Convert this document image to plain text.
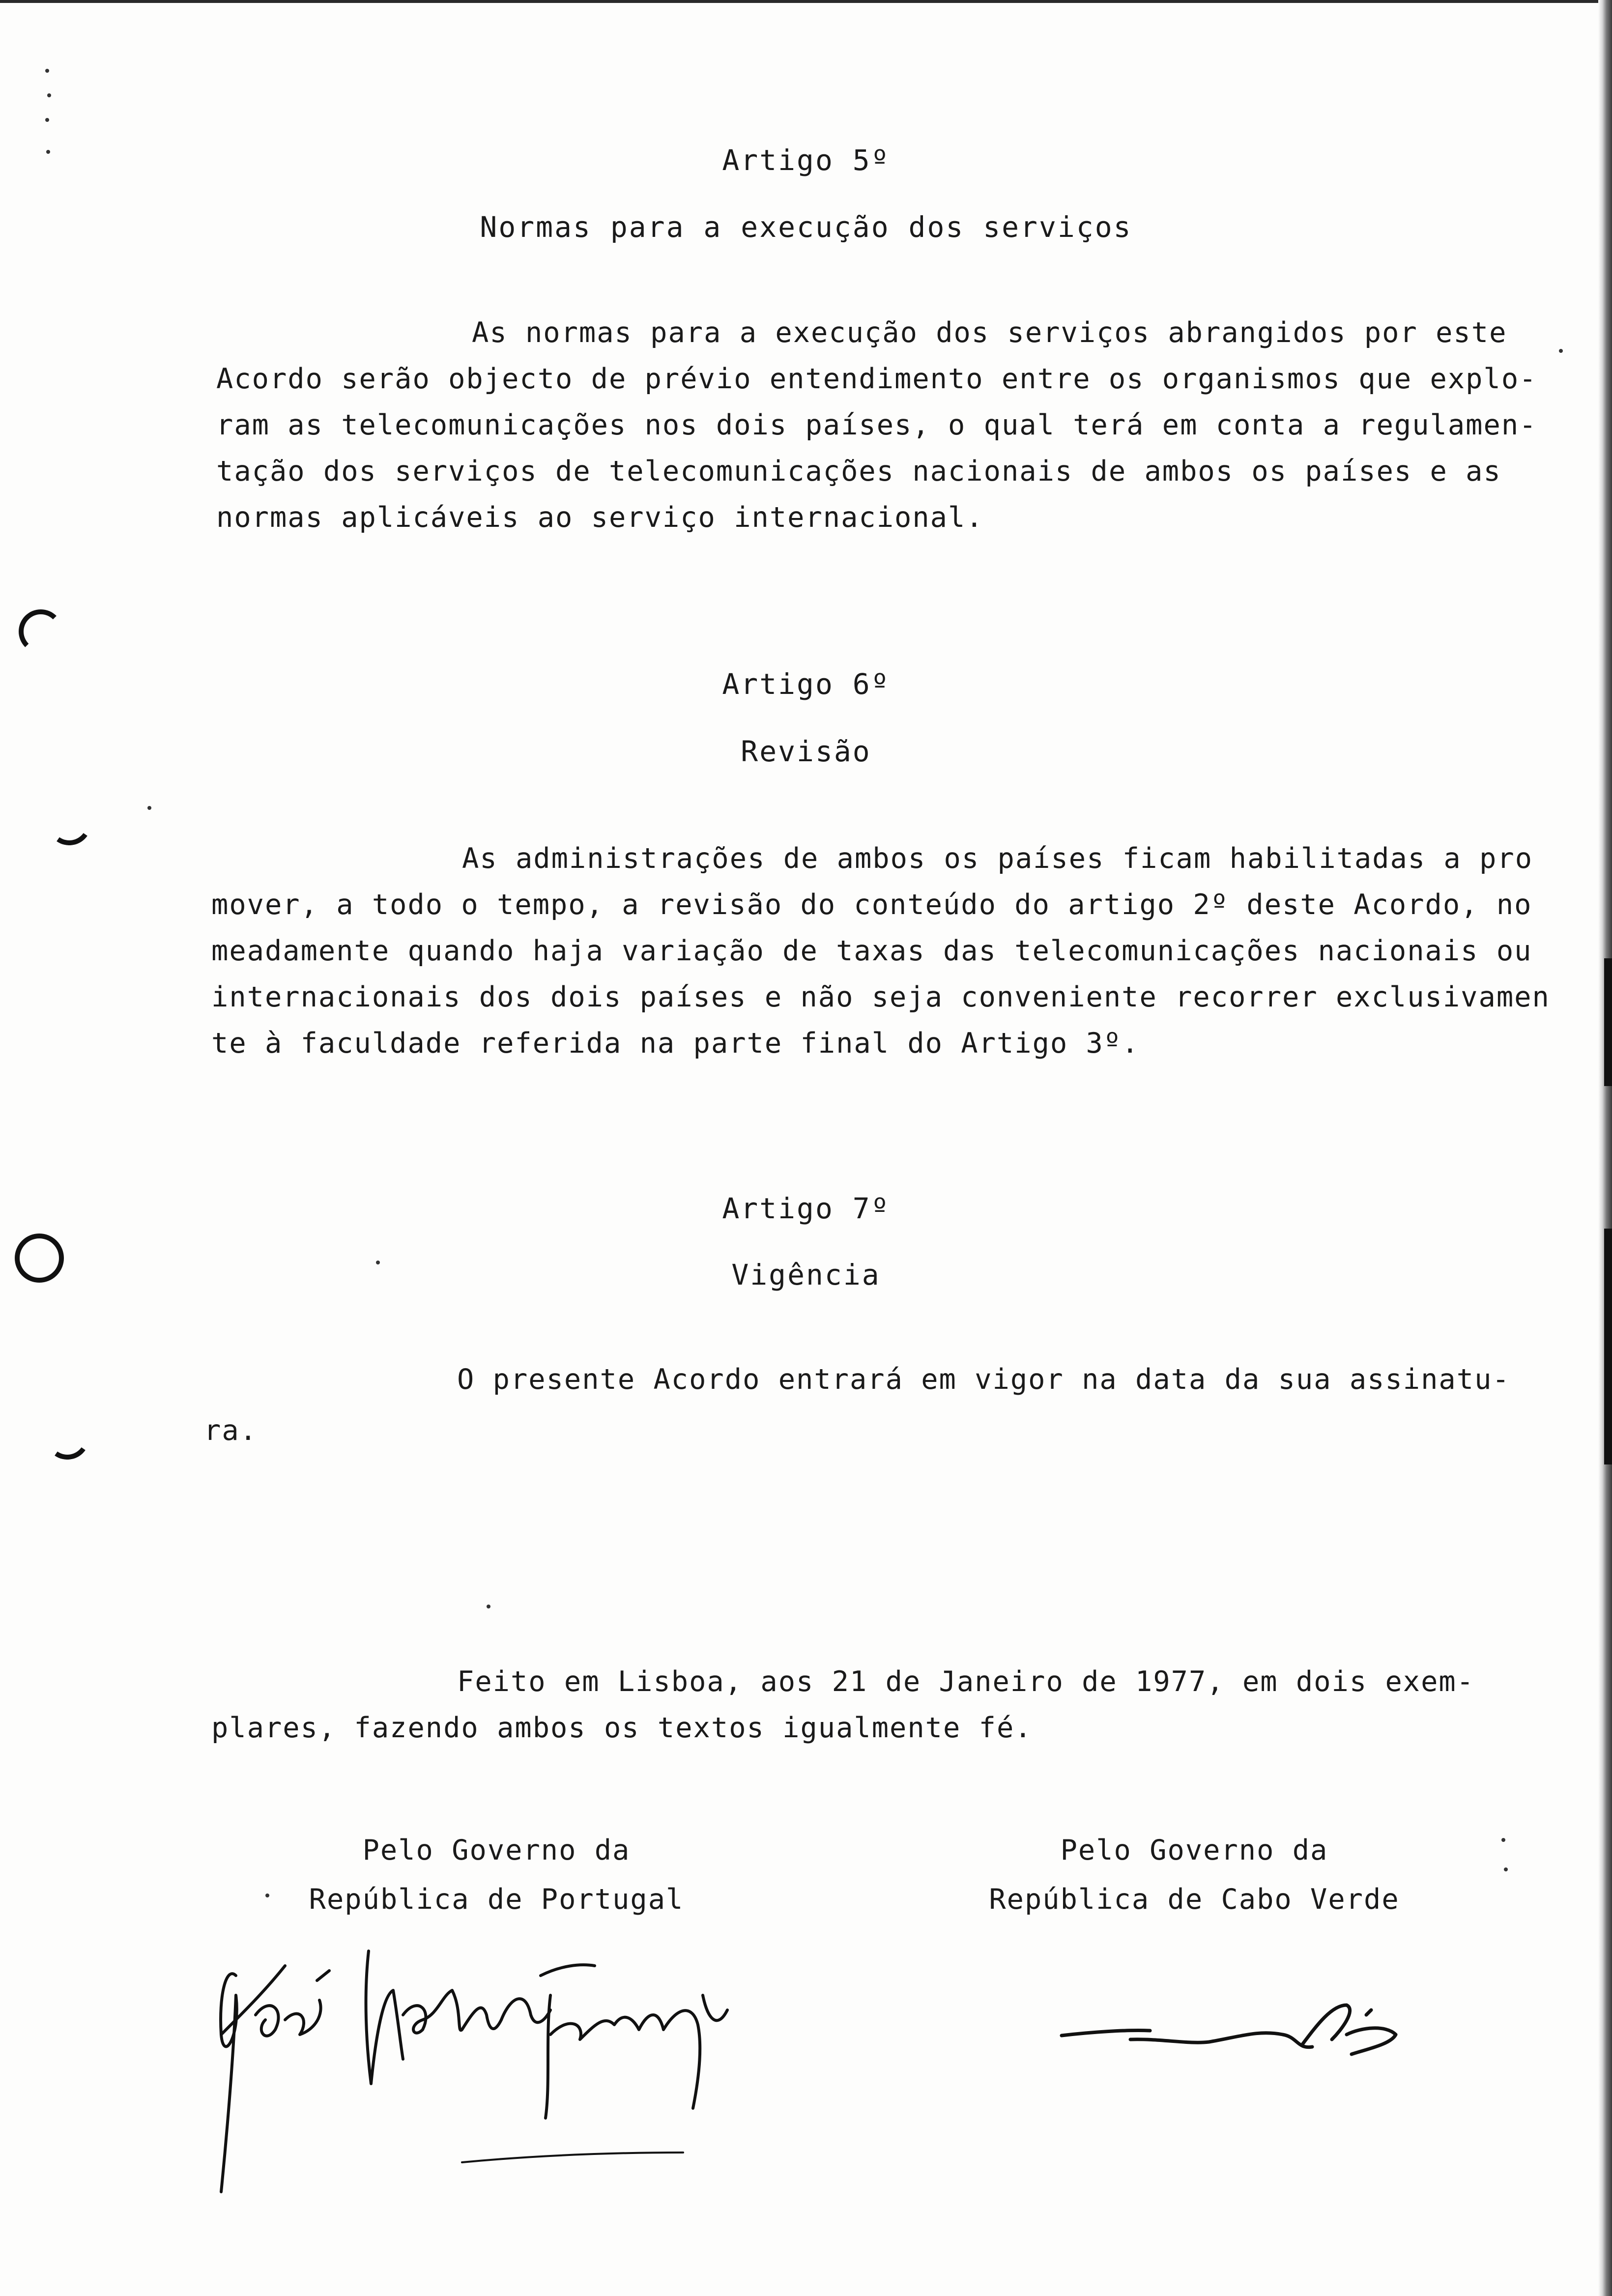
Artigo 5º
Normas para a execução dos serviços
As normas para a execução dos serviços abrangidos por este
Acordo serão objecto de prévio entendimento entre os organismos que explo-
ram as telecomunicações nos dois países, o qual terá em conta a regulamen-
tação dos serviços de telecomunicações nacionais de ambos os países e as
normas aplicáveis ao serviço internacional.
Artigo 6º
Revisão
As administrações de ambos os países ficam habilitadas a pro
mover, a todo o tempo, a revisão do conteúdo do artigo 2º deste Acordo, no
meadamente quando haja variação de taxas das telecomunicações nacionais ou
internacionais dos dois países e não seja conveniente recorrer exclusivamen
te à faculdade referida na parte final do Artigo 3º.
Artigo 7º
Vigência
O presente Acordo entrará em vigor na data da sua assinatu-
ra.
Feito em Lisboa, aos 21 de Janeiro de 1977, em dois exem-
plares, fazendo ambos os textos igualmente fé.
Pelo Governo da
República de Portugal
Pelo Governo da
República de Cabo Verde
